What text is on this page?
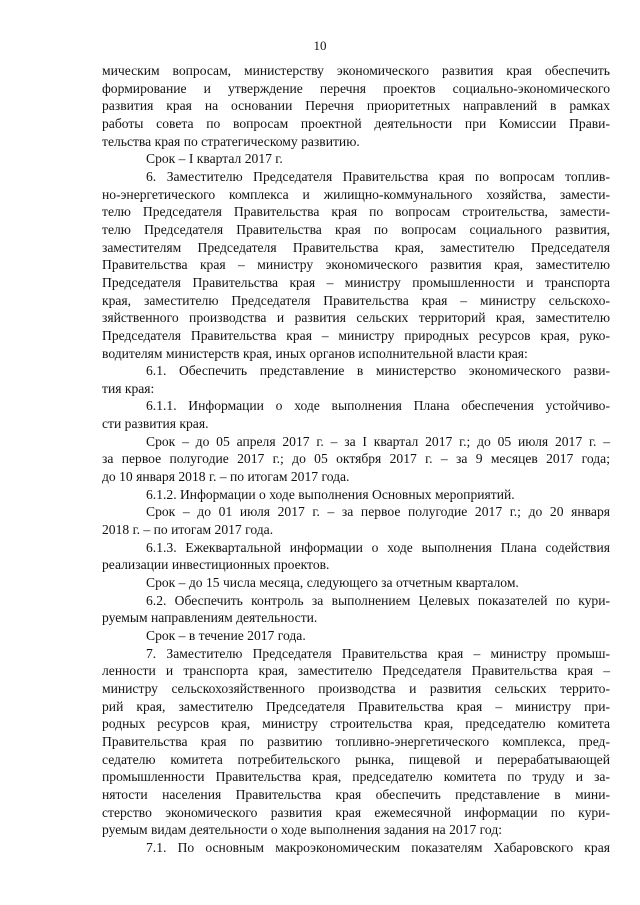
10
мическим вопросам, министерству экономического развития края обеспечить
формирование и утверждение перечня проектов социально-экономического
развития края на основании Перечня приоритетных направлений в рамках
работы совета по вопросам проектной деятельности при Комиссии Прави-
тельства края по стратегическому развитию.
Срок – I квартал 2017 г.
6. Заместителю Председателя Правительства края по вопросам топлив-
но-энергетического комплекса и жилищно-коммунального хозяйства, замести-
телю Председателя Правительства края по вопросам строительства, замести-
телю Председателя Правительства края по вопросам социального развития,
заместителям Председателя Правительства края, заместителю Председателя
Правительства края – министру экономического развития края, заместителю
Председателя Правительства края – министру промышленности и транспорта
края, заместителю Председателя Правительства края – министру сельскохо-
зяйственного производства и развития сельских территорий края, заместителю
Председателя Правительства края – министру природных ресурсов края, руко-
водителям министерств края, иных органов исполнительной власти края:
6.1. Обеспечить представление в министерство экономического разви-
тия края:
6.1.1. Информации о ходе выполнения Плана обеспечения устойчиво-
сти развития края.
Срок – до 05 апреля 2017 г. – за I квартал 2017 г.; до 05 июля 2017 г. –
за первое полугодие 2017 г.; до 05 октября 2017 г. – за 9 месяцев 2017 года;
до 10 января 2018 г. – по итогам 2017 года.
6.1.2. Информации о ходе выполнения Основных мероприятий.
Срок – до 01 июля 2017 г. – за первое полугодие 2017 г.; до 20 января
2018 г. – по итогам 2017 года.
6.1.3. Ежеквартальной информации о ходе выполнения Плана содействия
реализации инвестиционных проектов.
Срок – до 15 числа месяца, следующего за отчетным кварталом.
6.2. Обеспечить контроль за выполнением Целевых показателей по кури-
руемым направлениям деятельности.
Срок – в течение 2017 года.
7. Заместителю Председателя Правительства края – министру промыш-
ленности и транспорта края, заместителю Председателя Правительства края –
министру сельскохозяйственного производства и развития сельских террито-
рий края, заместителю Председателя Правительства края – министру при-
родных ресурсов края, министру строительства края, председателю комитета
Правительства края по развитию топливно-энергетического комплекса, пред-
седателю комитета потребительского рынка, пищевой и перерабатывающей
промышленности Правительства края, председателю комитета по труду и за-
нятости населения Правительства края обеспечить представление в мини-
стерство экономического развития края ежемесячной информации по кури-
руемым видам деятельности о ходе выполнения задания на 2017 год:
7.1. По основным макроэкономическим показателям Хабаровского края
